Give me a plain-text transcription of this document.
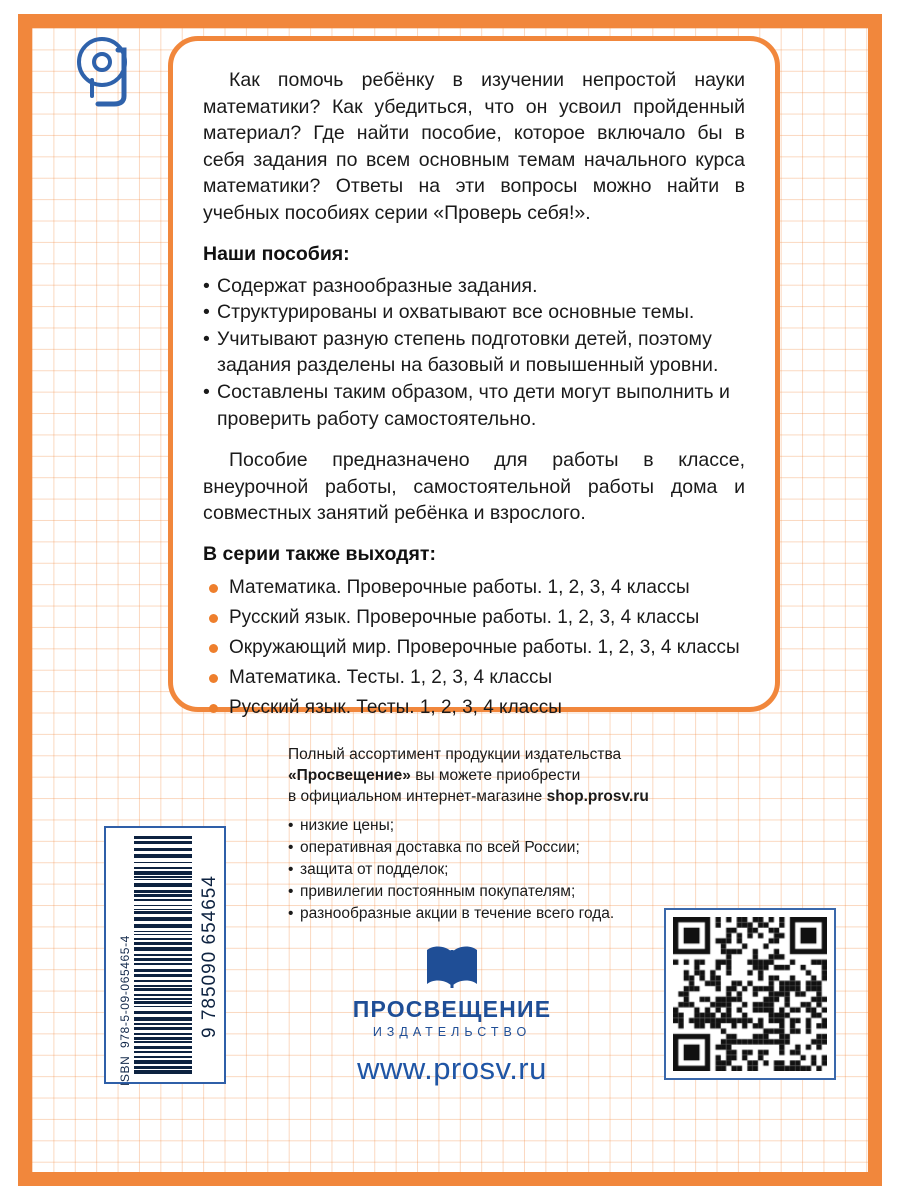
Как помочь ребёнку в изучении непростой науки математики? Как убедиться, что он усвоил пройденный материал? Где найти пособие, которое включало бы в себя задания по всем основным темам начального курса математики? Ответы на эти вопросы можно найти в учебных пособиях серии «Проверь себя!».

Наши пособия:
• Содержат разнообразные задания.
• Структурированы и охватывают все основные темы.
• Учитывают разную степень подготовки детей, поэтому задания разделены на базовый и повышенный уровни.
• Составлены таким образом, что дети могут выполнить и проверить работу самостоятельно.

Пособие предназначено для работы в классе, внеурочной работы, самостоятельной работы дома и совместных занятий ребёнка и взрослого.

В серии также выходят:
Математика. Проверочные работы. 1, 2, 3, 4 классы
Русский язык. Проверочные работы. 1, 2, 3, 4 классы
Окружающий мир. Проверочные работы. 1, 2, 3, 4 классы
Математика. Тесты. 1, 2, 3, 4 классы
Русский язык. Тесты. 1, 2, 3, 4 классы

Полный ассортимент продукции издательства
«Просвещение» вы можете приобрести
в официальном интернет-магазине shop.prosv.ru

• низкие цены;
• оперативная доставка по всей России;
• защита от подделок;
• привилегии постоянным покупателям;
• разнообразные акции в течение всего года.
ISBN

978-5-09-065465-4	9 785090 654654	ПРОСВЕЩЕНИЕ
ИЗДАТЕЛЬСТВО
www.prosv.ru
